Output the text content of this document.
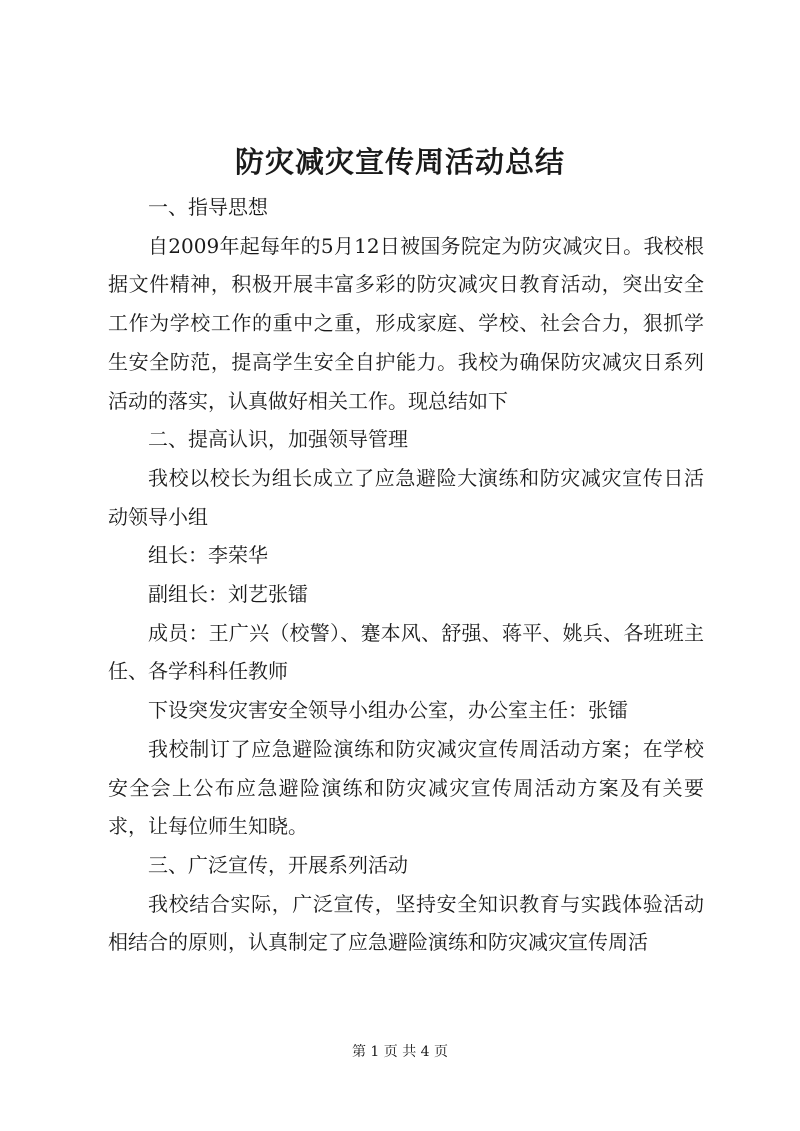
防灾减灾宣传周活动总结

一、指导思想

自2009年起每年的5月12日被国务院定为防灾减灾日。我校根据文件精神，积极开展丰富多彩的防灾减灾日教育活动，突出安全工作为学校工作的重中之重，形成家庭、学校、社会合力，狠抓学生安全防范，提高学生安全自护能力。我校为确保防灾减灾日系列活动的落实，认真做好相关工作。现总结如下

二、提高认识，加强领导管理

我校以校长为组长成立了应急避险大演练和防灾减灾宣传日活动领导小组

组长：李荣华

副组长：刘艺张镭

成员：王广兴（校警）、蹇本风、舒强、蒋平、姚兵、各班班主任、各学科科任教师

下设突发灾害安全领导小组办公室，办公室主任：张镭

我校制订了应急避险演练和防灾减灾宣传周活动方案；在学校安全会上公布应急避险演练和防灾减灾宣传周活动方案及有关要求，让每位师生知晓。

三、广泛宣传，开展系列活动

我校结合实际，广泛宣传，坚持安全知识教育与实践体验活动相结合的原则，认真制定了应急避险演练和防灾减灾宣传周活

第 1 页 共 4 页
